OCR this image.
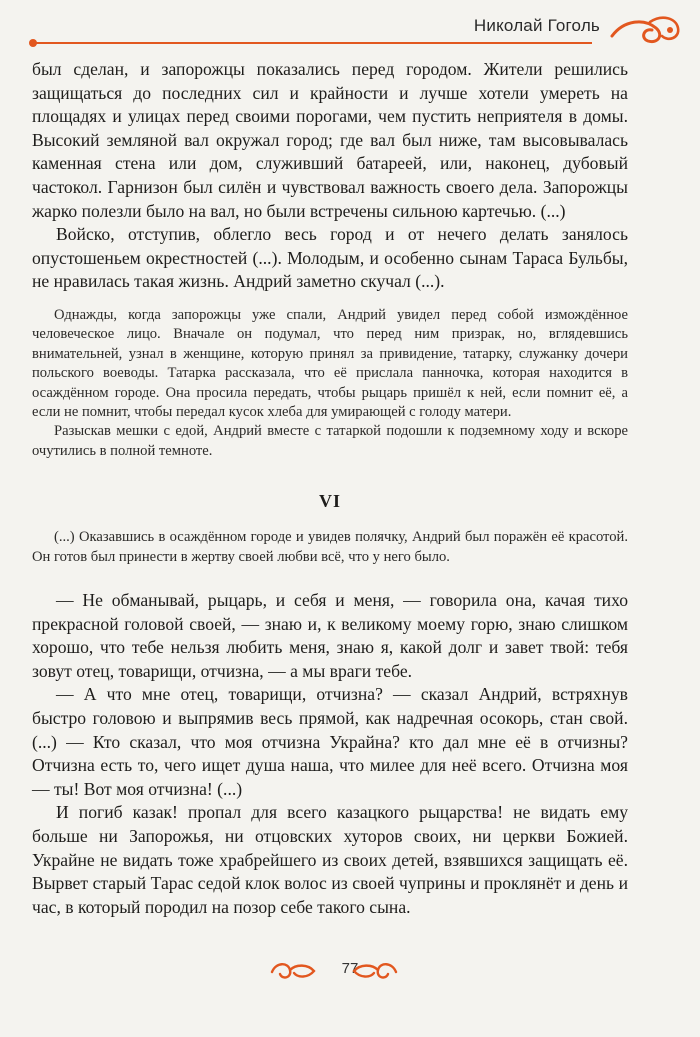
Николай Гоголь

был сделан, и запорожцы показались перед городом. Жители решились защищаться до последних сил и крайности и лучше хотели умереть на площадях и улицах перед своими порогами, чем пустить неприятеля в домы. Высокий земляной вал окружал город; где вал был ниже, там высовывалась каменная стена или дом, служивший батареей, или, наконец, дубовый частокол. Гарнизон был силён и чувствовал важность своего дела. Запорожцы жарко полезли было на вал, но были встречены сильною картечью. (...)

Войско, отступив, облегло весь город и от нечего делать занялось опустошеньем окрестностей (...). Молодым, и особенно сынам Тараса Бульбы, не нравилась такая жизнь. Андрий заметно скучал (...).

Однажды, когда запорожцы уже спали, Андрий увидел перед собой измождённое человеческое лицо. Вначале он подумал, что перед ним призрак, но, вглядевшись внимательней, узнал в женщине, которую принял за привидение, татарку, служанку дочери польского воеводы. Татарка рассказала, что её прислала панночка, которая находится в осаждённом городе. Она просила передать, чтобы рыцарь пришёл к ней, если помнит её, а если не помнит, чтобы передал кусок хлеба для умирающей с голоду матери.

Разыскав мешки с едой, Андрий вместе с татаркой подошли к подземному ходу и вскоре очутились в полной темноте.

VI

(...) Оказавшись в осаждённом городе и увидев полячку, Андрий был поражён её красотой. Он готов был принести в жертву своей любви всё, что у него было.

— Не обманывай, рыцарь, и себя и меня, — говорила она, качая тихо прекрасной головой своей, — знаю и, к великому моему горю, знаю слишком хорошо, что тебе нельзя любить меня, знаю я, какой долг и завет твой: тебя зовут отец, товарищи, отчизна, — а мы враги тебе.

— А что мне отец, товарищи, отчизна? — сказал Андрий, встряхнув быстро головою и выпрямив весь прямой, как надречная осокорь, стан свой. (...) — Кто сказал, что моя отчизна Украйна? кто дал мне её в отчизны? Отчизна есть то, чего ищет душа наша, что милее для неё всего. Отчизна моя — ты! Вот моя отчизна! (...)

И погиб казак! пропал для всего казацкого рыцарства! не видать ему больше ни Запорожья, ни отцовских хуторов своих, ни церкви Божией. Украйне не видать тоже храбрейшего из своих детей, взявшихся защищать её. Вырвет старый Тарас седой клок волос из своей чуприны и проклянёт и день и час, в который породил на позор себе такого сына.

77
